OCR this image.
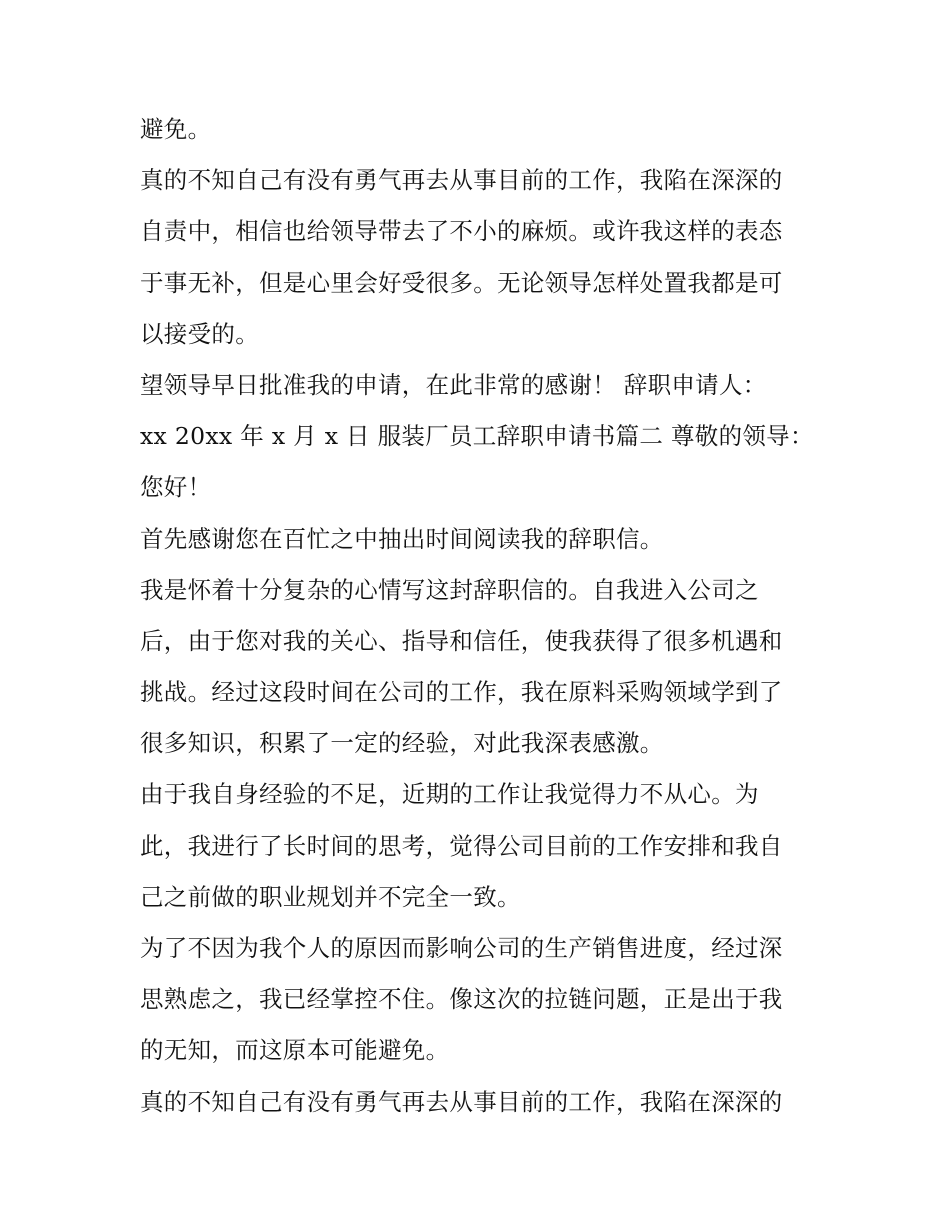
避免。
真的不知自己有没有勇气再去从事目前的工作，我陷在深深的
自责中，相信也给领导带去了不小的麻烦。或许我这样的表态
于事无补，但是心里会好受很多。无论领导怎样处置我都是可
以接受的。
望领导早日批准我的申请，在此非常的感谢！ 辞职申请人：
xx 20xx 年 x 月 x 日 服装厂员工辞职申请书篇二 尊敬的领导：
您好！
首先感谢您在百忙之中抽出时间阅读我的辞职信。
我是怀着十分复杂的心情写这封辞职信的。自我进入公司之
后，由于您对我的关心、指导和信任，使我获得了很多机遇和
挑战。经过这段时间在公司的工作，我在原料采购领域学到了
很多知识，积累了一定的经验，对此我深表感激。
由于我自身经验的不足，近期的工作让我觉得力不从心。为
此，我进行了长时间的思考，觉得公司目前的工作安排和我自
己之前做的职业规划并不完全一致。
为了不因为我个人的原因而影响公司的生产销售进度，经过深
思熟虑之，我已经掌控不住。像这次的拉链问题，正是出于我
的无知，而这原本可能避免。
真的不知自己有没有勇气再去从事目前的工作，我陷在深深的
